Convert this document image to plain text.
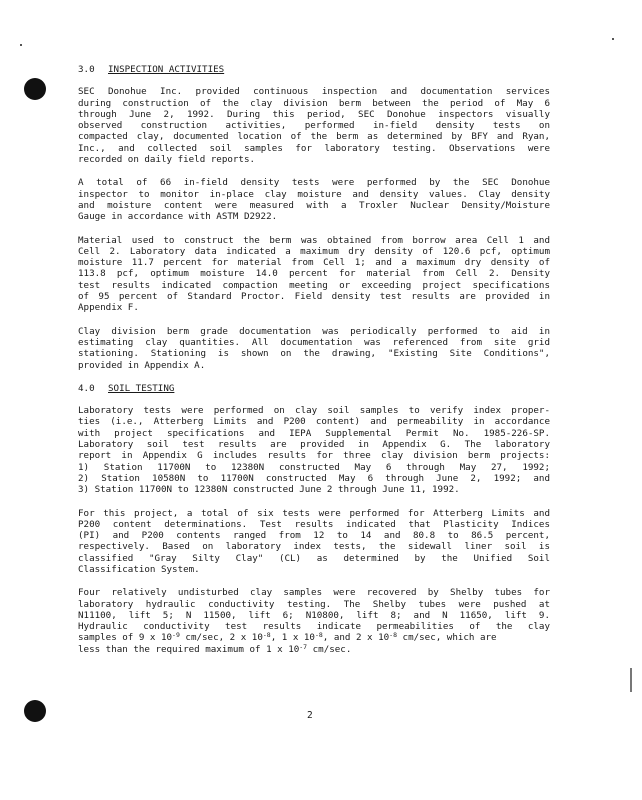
3.0 INSPECTION ACTIVITIES

SEC Donohue Inc. provided continuous inspection and documentation services
during construction of the clay division berm between the period of May 6
through June 2, 1992. During this period, SEC Donohue inspectors visually
observed construction activities, performed in-field density tests on
compacted clay, documented location of the berm as determined by BFY and Ryan,
Inc., and collected soil samples for laboratory testing. Observations were
recorded on daily field reports.

A total of 66 in-field density tests were performed by the SEC Donohue
inspector to monitor in-place clay moisture and density values. Clay density
and moisture content were measured with a Troxler Nuclear Density/Moisture
Gauge in accordance with ASTM D2922.

Material used to construct the berm was obtained from borrow area Cell 1 and
Cell 2. Laboratory data indicated a maximum dry density of 120.6 pcf, optimum
moisture 11.7 percent for material from Cell 1; and a maximum dry density of
113.8 pcf, optimum moisture 14.0 percent for material from Cell 2. Density
test results indicated compaction meeting or exceeding project specifications
of 95 percent of Standard Proctor. Field density test results are provided in
Appendix F.

Clay division berm grade documentation was periodically performed to aid in
estimating clay quantities. All documentation was referenced from site grid
stationing. Stationing is shown on the drawing, "Existing Site Conditions",
provided in Appendix A.

4.0 SOIL TESTING

Laboratory tests were performed on clay soil samples to verify index proper-
ties (i.e., Atterberg Limits and P200 content) and permeability in accordance
with project specifications and IEPA Supplemental Permit No. 1985-226-SP.
Laboratory soil test results are provided in Appendix G. The laboratory
report in Appendix G includes results for three clay division berm projects:
1) Station 11700N to 12380N constructed May 6 through May 27, 1992;
2) Station 10580N to 11700N constructed May 6 through June 2, 1992; and
3) Station 11700N to 12380N constructed June 2 through June 11, 1992.

For this project, a total of six tests were performed for Atterberg Limits and
P200 content determinations. Test results indicated that Plasticity Indices
(PI) and P200 contents ranged from 12 to 14 and 80.8 to 86.5 percent,
respectively. Based on laboratory index tests, the sidewall liner soil is
classified "Gray Silty Clay" (CL) as determined by the Unified Soil
Classification System.

Four relatively undisturbed clay samples were recovered by Shelby tubes for
laboratory hydraulic conductivity testing. The Shelby tubes were pushed at
N11100, lift 5; N 11500, lift 6; N10800, lift 8; and N 11650, lift 9.
Hydraulic conductivity test results indicate permeabilities of the clay
samples of 9 x $10^{-9}$ cm/sec, 2 x $10^{-8}$, 1 x $10^{-8}$, and 2 x $10^{-8}$ cm/sec, which are
less than the required maximum of 1 x $10^{-7}$ cm/sec.

2
